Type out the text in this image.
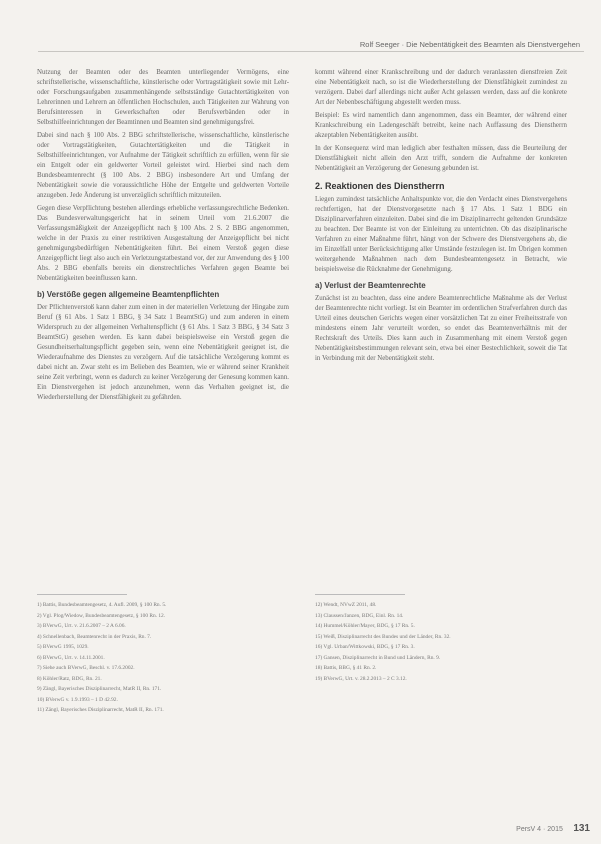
Rolf Seeger · Die Nebentätigkeit des Beamten als Dienstvergehen

Nutzung der Beamten oder des Beamten unterliegender Vermögens, eine schriftstellerische, wissenschaftliche, künstlerische oder Vortragstätigkeit sowie mit Lehr- oder Forschungsaufgaben zusammenhängende selbstständige Gutachtertätigkeiten von Lehrerinnen und Lehrern an öffentlichen Hochschulen, auch Tätigkeiten zur Wahrung von Berufsinteressen in Gewerkschaften oder Berufsverbänden oder in Selbsthilfeeinrichtungen der Beamtinnen und Beamten sind genehmigungsfrei.

Dabei sind nach § 100 Abs. 2 BBG schriftstellerische, wissenschaftliche, künstlerische oder Vortragstätigkeiten, Gutachtertätigkeiten und die Tätigkeit in Selbsthilfeeinrichtungen, vor Aufnahme der Tätigkeit schriftlich zu erfüllen, wenn für sie ein Entgelt oder ein geldwerter Vorteil geleistet wird. Hierbei sind nach dem Bundesbeamtenrecht (§ 100 Abs. 2 BBG) insbesondere Art und Umfang der Nebentätigkeit sowie die voraussichtliche Höhe der Entgelte und geldwerten Vorteile anzugeben. Jede Änderung ist unverzüglich schriftlich mitzuteilen.

Gegen diese Verpflichtung bestehen allerdings erhebliche verfassungsrechtliche Bedenken. Das Bundesverwaltungsgericht hat in seinem Urteil vom 21.6.2007 die Verfassungsmäßigkeit der Anzeigepflicht nach § 100 Abs. 2 S. 2 BBG angenommen, welche in der Praxis zu einer restriktiven Ausgestaltung der Anzeigepflicht bei nicht genehmigungsbedürftigen Nebentätigkeiten führt. Bei einem Verstoß gegen diese Anzeigepflicht liegt also auch ein Verletzungstatbestand vor, der zur Anwendung des § 100 Abs. 2 BBG ebenfalls bereits ein dienstrechtliches Verfahren gegen Beamte bei Nebentätigkeiten beeinflussen kann.

b) Verstöße gegen allgemeine Beamtenpflichten

Der Pflichtenverstoß kann daher zum einen in der materiellen Verletzung der Hingabe zum Beruf (§ 61 Abs. 1 Satz 1 BBG, § 34 Satz 1 BeamtStG) und zum anderen in einem Widerspruch zu der allgemeinen Verhaltenspflicht (§ 61 Abs. 1 Satz 3 BBG, § 34 Satz 3 BeamtStG) gesehen werden. Es kann dabei beispielsweise ein Verstoß gegen die Gesundheitserhaltungspflicht gegeben sein, wenn eine Nebentätigkeit geeignet ist, die Wiederaufnahme des Dienstes zu verzögern. Auf die tatsächliche Verzögerung kommt es dabei nicht an. Zwar steht es im Belieben des Beamten, wie er während seiner Krankheit seine Zeit verbringt, wenn es dadurch zu keiner Verzögerung der Genesung kommen kann. Ein Dienstvergehen ist jedoch anzunehmen, wenn das Verhalten geeignet ist, die Wiederherstellung der Dienstfähigkeit zu gefährden.

1) Battis, Bundesbeamtengesetz, 4. Aufl. 2009, § 100 Rn. 5.
2) Vgl. Plog/Wiedow, Bundesbeamtengesetz, § 100 Rn. 12.
3) BVerwG, Urt. v. 21.6.2007 – 2 A 6.06.
4) Schnellenbach, Beamtenrecht in der Praxis, Rn. 7.
5) BVerwG 1995, 1029.
6) BVerwG, Urt. v. 14.11.2001.
7) Siehe auch BVerwG, Beschl. v. 17.6.2002.
8) Köhler/Ratz, BDG, Rn. 21.
9) Zängl, Bayerisches Disziplinarrecht, MatR II, Rn. 171.
10) BVerwG v. 1.9.1993 – 1 D 42.92.
11) Zängl, Bayerisches Disziplinarrecht, MatR II, Rn. 171.

kommt während einer Krankschreibung und der dadurch veranlassten dienstfreien Zeit eine Nebentätigkeit nach, so ist die Wiederherstellung der Dienstfähigkeit zumindest zu verzögern. Dabei darf allerdings nicht außer Acht gelassen werden, dass auf die konkrete Art der Nebenbeschäftigung abgestellt werden muss.

Beispiel: Es wird namentlich dann angenommen, dass ein Beamter, der während einer Krankschreibung ein Ladengeschäft betreibt, keine nach Auffassung des Dienstherrn akzeptablen Nebentätigkeiten ausübt.

In der Konsequenz wird man lediglich aber festhalten müssen, dass die Beurteilung der Dienstfähigkeit nicht allein den Arzt trifft, sondern die Aufnahme der konkreten Nebentätigkeit an Verzögerung der Genesung gebunden ist.

2. Reaktionen des Dienstherrn

Liegen zumindest tatsächliche Anhaltspunkte vor, die den Verdacht eines Dienstvergehens rechtfertigen, hat der Dienstvorgesetzte nach § 17 Abs. 1 Satz 1 BDG ein Disziplinarverfahren einzuleiten. Dabei sind die im Disziplinarrecht geltenden Grundsätze zu beachten. Der Beamte ist von der Einleitung zu unterrichten. Ob das disziplinarische Verfahren zu einer Maßnahme führt, hängt von der Schwere des Dienstvergehens ab, die im Einzelfall unter Berücksichtigung aller Umstände festzulegen ist. Im Übrigen kommen weitergehende Maßnahmen nach dem Bundesbeamtengesetz in Betracht, wie beispielsweise die Rücknahme der Genehmigung.

a) Verlust der Beamtenrechte

Zunächst ist zu beachten, dass eine andere Beamtenrechtliche Maßnahme als der Verlust der Beamtenrechte nicht vorliegt. Ist ein Beamter im ordentlichen Strafverfahren durch das Urteil eines deutschen Gerichts wegen einer vorsätzlichen Tat zu einer Freiheitsstrafe von mindestens einem Jahr verurteilt worden, so endet das Beamtenverhältnis mit der Rechtskraft des Urteils. Dies kann auch in Zusammenhang mit einem Verstoß gegen Nebentätigkeitsbestimmungen relevant sein, etwa bei einer Bestechlichkeit, soweit die Tat in Verbindung mit der Nebentätigkeit steht.

12) Wendt, NVwZ 2011, 48.
13) Claussen/Janzen, BDG, Einl. Rn. 14.
14) Hummel/Köhler/Mayer, BDG, § 17 Rn. 5.
15) Weiß, Disziplinarrecht des Bundes und der Länder, Rn. 32.
16) Vgl. Urban/Wittkowski, BDG, § 17 Rn. 3.
17) Gansen, Disziplinarrecht in Bund und Ländern, Rn. 9.
18) Battis, BBG, § 41 Rn. 2.
19) BVerwG, Urt. v. 28.2.2013 – 2 C 3.12.
PersV 4 · 2015 131
